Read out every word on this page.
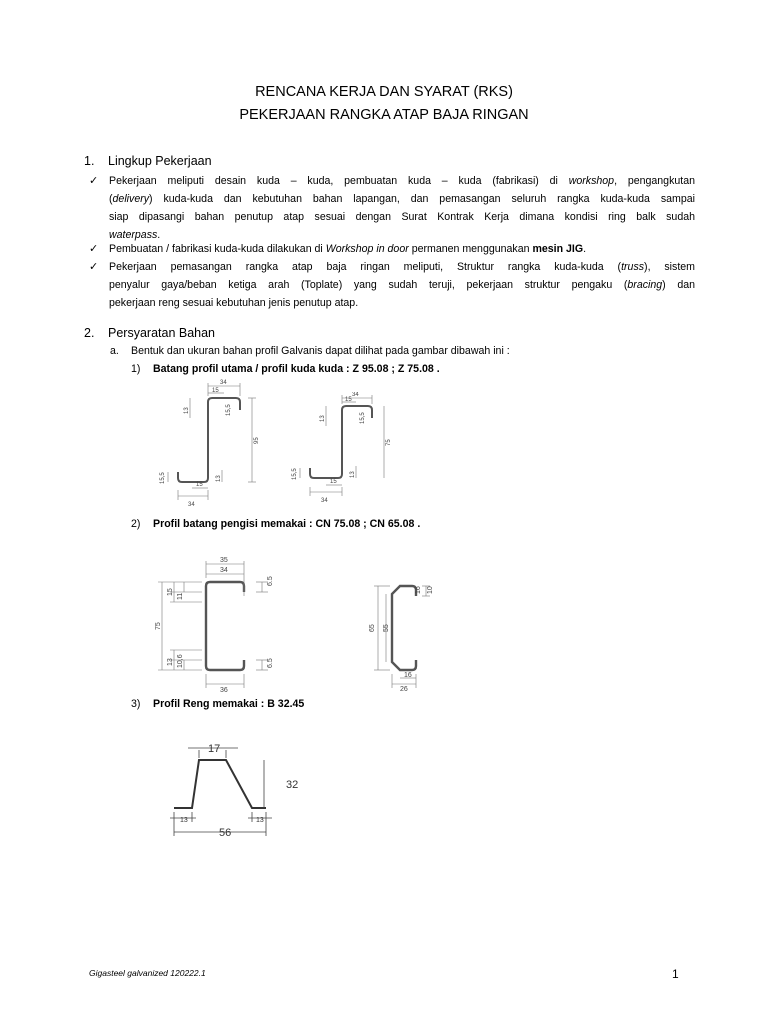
RENCANA KERJA DAN SYARAT (RKS)
PEKERJAAN RANGKA ATAP BAJA RINGAN
1.	Lingkup Pekerjaan
✓ Pekerjaan meliputi desain kuda – kuda, pembuatan kuda – kuda (fabrikasi) di workshop, pengangkutan
(delivery) kuda-kuda dan kebutuhan bahan lapangan, dan pemasangan seluruh rangka kuda-kuda sampai
siap dipasangi bahan penutup atap sesuai dengan Surat Kontrak Kerja dimana kondisi ring balk sudah
waterpass.
✓ Pembuatan / fabrikasi kuda-kuda dilakukan di Workshop in door permanen menggunakan mesin JIG.
✓ Pekerjaan pemasangan rangka atap baja ringan meliputi, Struktur rangka kuda-kuda (truss), sistem
penyalur gaya/beban ketiga arah (Toplate) yang sudah teruji, pekerjaan struktur pengaku (bracing) dan
pekerjaan reng sesuai kebutuhan jenis penutup atap.
2.	Persyaratan Bahan
a. Bentuk dan ukuran bahan profil Galvanis dapat dilihat pada gambar dibawah ini :
1) Batang profil utama / profil kuda kuda : Z 95.08 ; Z 75.08 .
2) Profil batang pengisi memakai : CN 75.08 ; CN 65.08 .
3) Profil Reng memakai : B 32.45
34
15
15,5
13
95
15,5	13
15
34
34
15
15,5
13
75
15,5	13
15
34
35
34
6.5
11
15
75
13 10,6
36
6.5
10
16
65 55
16
26
17
32
13	13
56
Gigasteel galvanized 120222.1	1
